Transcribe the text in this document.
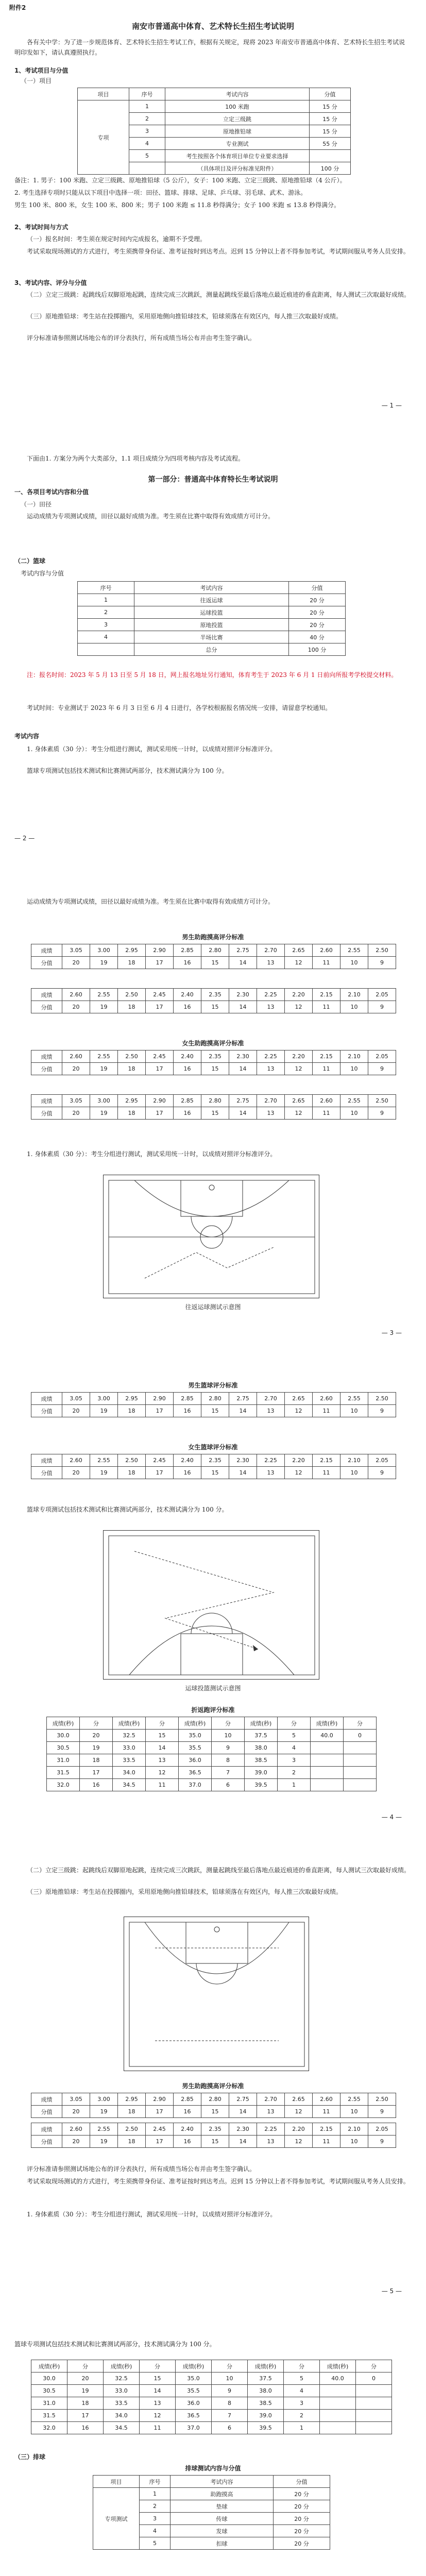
附件2
南安市普通高中体育、艺术特长生招生考试说明
各有关中学：为了进一步规范体育、艺术特长生招生考试工作，根据有关规定，现将 2023 年南安市普通高中体育、艺术特长生招生考试说明印发如下，请认真遵照执行。
1、考试项目与分值
（一）项目
项目	序号	考试内容	分值
专项	1	100 米跑	15 分
	2	立定三级跳	15 分
	3	原地推铅球	15 分
	4	专业测试	55 分
	5	考生按照各个体育项目单位专业要求选择	
		（具体项目及评分标准见附件）	100 分
备注：1. 男子：100 米跑、立定三级跳、原地推铅球（5 公斤），女子：100 米跑、立定三级跳、原地推铅球（4 公斤）。
2. 考生选择专项时只能从以下项目中选择一项：田径、篮球、排球、足球、乒乓球、羽毛球、武术、游泳。
男生 100 米、800 米，女生 100 米、800 米；男子 100 米跑 ≤ 11.8 秒得满分；女子 100 米跑 ≤ 13.8 秒得满分。
2、考试时间与方式
（一）报名时间：考生须在规定时间内完成报名，逾期不予受理。
考试采取现场测试的方式进行，考生须携带身份证、准考证按时到达考点。迟到 15 分钟以上者不得参加考试，考试期间服从考务人员安排。
3、考试内容、评分与分值
（二）立定三级跳：起跳线后双脚原地起跳，连续完成三次跳跃，测量起跳线至最后落地点最近痕迹的垂直距离，每人测试三次取最好成绩。
（三）原地推铅球：考生站在投掷圈内，采用原地侧向推铅球技术，铅球须落在有效区内，每人推三次取最好成绩。
评分标准请参照测试场地公布的评分表执行，所有成绩当场公布并由考生签字确认。
— 1 —
下面由1. 方案分为两个大类部分，1.1 项目成绩分为四项考核内容及考试流程。
第一部分：普通高中体育特长生考试说明
一、各项目考试内容和分值
（一）田径
运动成绩为专项测试成绩，田径以最好成绩为准。考生须在比赛中取得有效成绩方可计分。
（二）篮球
考试内容与分值
序号	考试内容	分值
1	往返运球	20 分
2	运球投篮	20 分
3	原地投篮	20 分
4	半场比赛	40 分
	总分	100 分
注：报名时间：2023 年 5 月 13 日至 5 月 18 日，网上报名地址另行通知，体育考生于 2023 年 6 月 1 日前向所报考学校提交材料。
考试时间：专业测试于 2023 年 6 月 3 日至 6 月 4 日进行，各学校根据报名情况统一安排，请留意学校通知。
考试内容
1. 身体素质（30 分）：考生分组进行测试，测试采用统一计时，以成绩对照评分标准评分。
篮球专项测试包括技术测试和比赛测试两部分，技术测试满分为 100 分。
— 2 —
运动成绩为专项测试成绩，田径以最好成绩为准。考生须在比赛中取得有效成绩方可计分。
男生助跑摸高评分标准
成绩	3.05	3.00	2.95	2.90	2.85	2.80	2.75	2.70	2.65	2.60	2.55	2.50
分值	20	19	18	17	16	15	14	13	12	11	10	9
成绩	2.60	2.55	2.50	2.45	2.40	2.35	2.30	2.25	2.20	2.15	2.10	2.05
分值	20	19	18	17	16	15	14	13	12	11	10	9
女生助跑摸高评分标准
成绩	2.60	2.55	2.50	2.45	2.40	2.35	2.30	2.25	2.20	2.15	2.10	2.05
分值	20	19	18	17	16	15	14	13	12	11	10	9
成绩	3.05	3.00	2.95	2.90	2.85	2.80	2.75	2.70	2.65	2.60	2.55	2.50
分值	20	19	18	17	16	15	14	13	12	11	10	9
1. 身体素质（30 分）：考生分组进行测试，测试采用统一计时，以成绩对照评分标准评分。
往返运球测试示意图
— 3 —
男生篮球评分标准
成绩	3.05	3.00	2.95	2.90	2.85	2.80	2.75	2.70	2.65	2.60	2.55	2.50
分值	20	19	18	17	16	15	14	13	12	11	10	9
女生篮球评分标准
成绩	2.60	2.55	2.50	2.45	2.40	2.35	2.30	2.25	2.20	2.15	2.10	2.05
分值	20	19	18	17	16	15	14	13	12	11	10	9
篮球专项测试包括技术测试和比赛测试两部分，技术测试满分为 100 分。
运球投篮测试示意图
折返跑评分标准
成绩(秒)	分	成绩(秒)	分	成绩(秒)	分	成绩(秒)	分	成绩(秒)	分
30.0	20	32.5	15	35.0	10	37.5	5	40.0	0
30.5	19	33.0	14	35.5	9	38.0	4		
31.0	18	33.5	13	36.0	8	38.5	3		
31.5	17	34.0	12	36.5	7	39.0	2		
32.0	16	34.5	11	37.0	6	39.5	1		
— 4 —
（二）立定三级跳：起跳线后双脚原地起跳，连续完成三次跳跃，测量起跳线至最后落地点最近痕迹的垂直距离，每人测试三次取最好成绩。
（三）原地推铅球：考生站在投掷圈内，采用原地侧向推铅球技术，铅球须落在有效区内，每人推三次取最好成绩。
男生助跑摸高评分标准
成绩	3.05	3.00	2.95	2.90	2.85	2.80	2.75	2.70	2.65	2.60	2.55	2.50
分值	20	19	18	17	16	15	14	13	12	11	10	9
成绩	2.60	2.55	2.50	2.45	2.40	2.35	2.30	2.25	2.20	2.15	2.10	2.05
分值	20	19	18	17	16	15	14	13	12	11	10	9
评分标准请参照测试场地公布的评分表执行，所有成绩当场公布并由考生签字确认。
考试采取现场测试的方式进行，考生须携带身份证、准考证按时到达考点。迟到 15 分钟以上者不得参加考试，考试期间服从考务人员安排。
1. 身体素质（30 分）：考生分组进行测试，测试采用统一计时，以成绩对照评分标准评分。
— 5 —
篮球专项测试包括技术测试和比赛测试两部分，技术测试满分为 100 分。
成绩(秒)	分	成绩(秒)	分	成绩(秒)	分	成绩(秒)	分	成绩(秒)	分
30.0	20	32.5	15	35.0	10	37.5	5	40.0	0
30.5	19	33.0	14	35.5	9	38.0	4		
31.0	18	33.5	13	36.0	8	38.5	3		
31.5	17	34.0	12	36.5	7	39.0	2		
32.0	16	34.5	11	37.0	6	39.5	1		
（三）排球
排球测试内容与分值
项目	序号	考试内容	分值
专项测试	1	助跑摸高	20 分
	2	垫球	20 分
	3	传球	20 分
	4	发球	20 分
	5	扣球	20 分
